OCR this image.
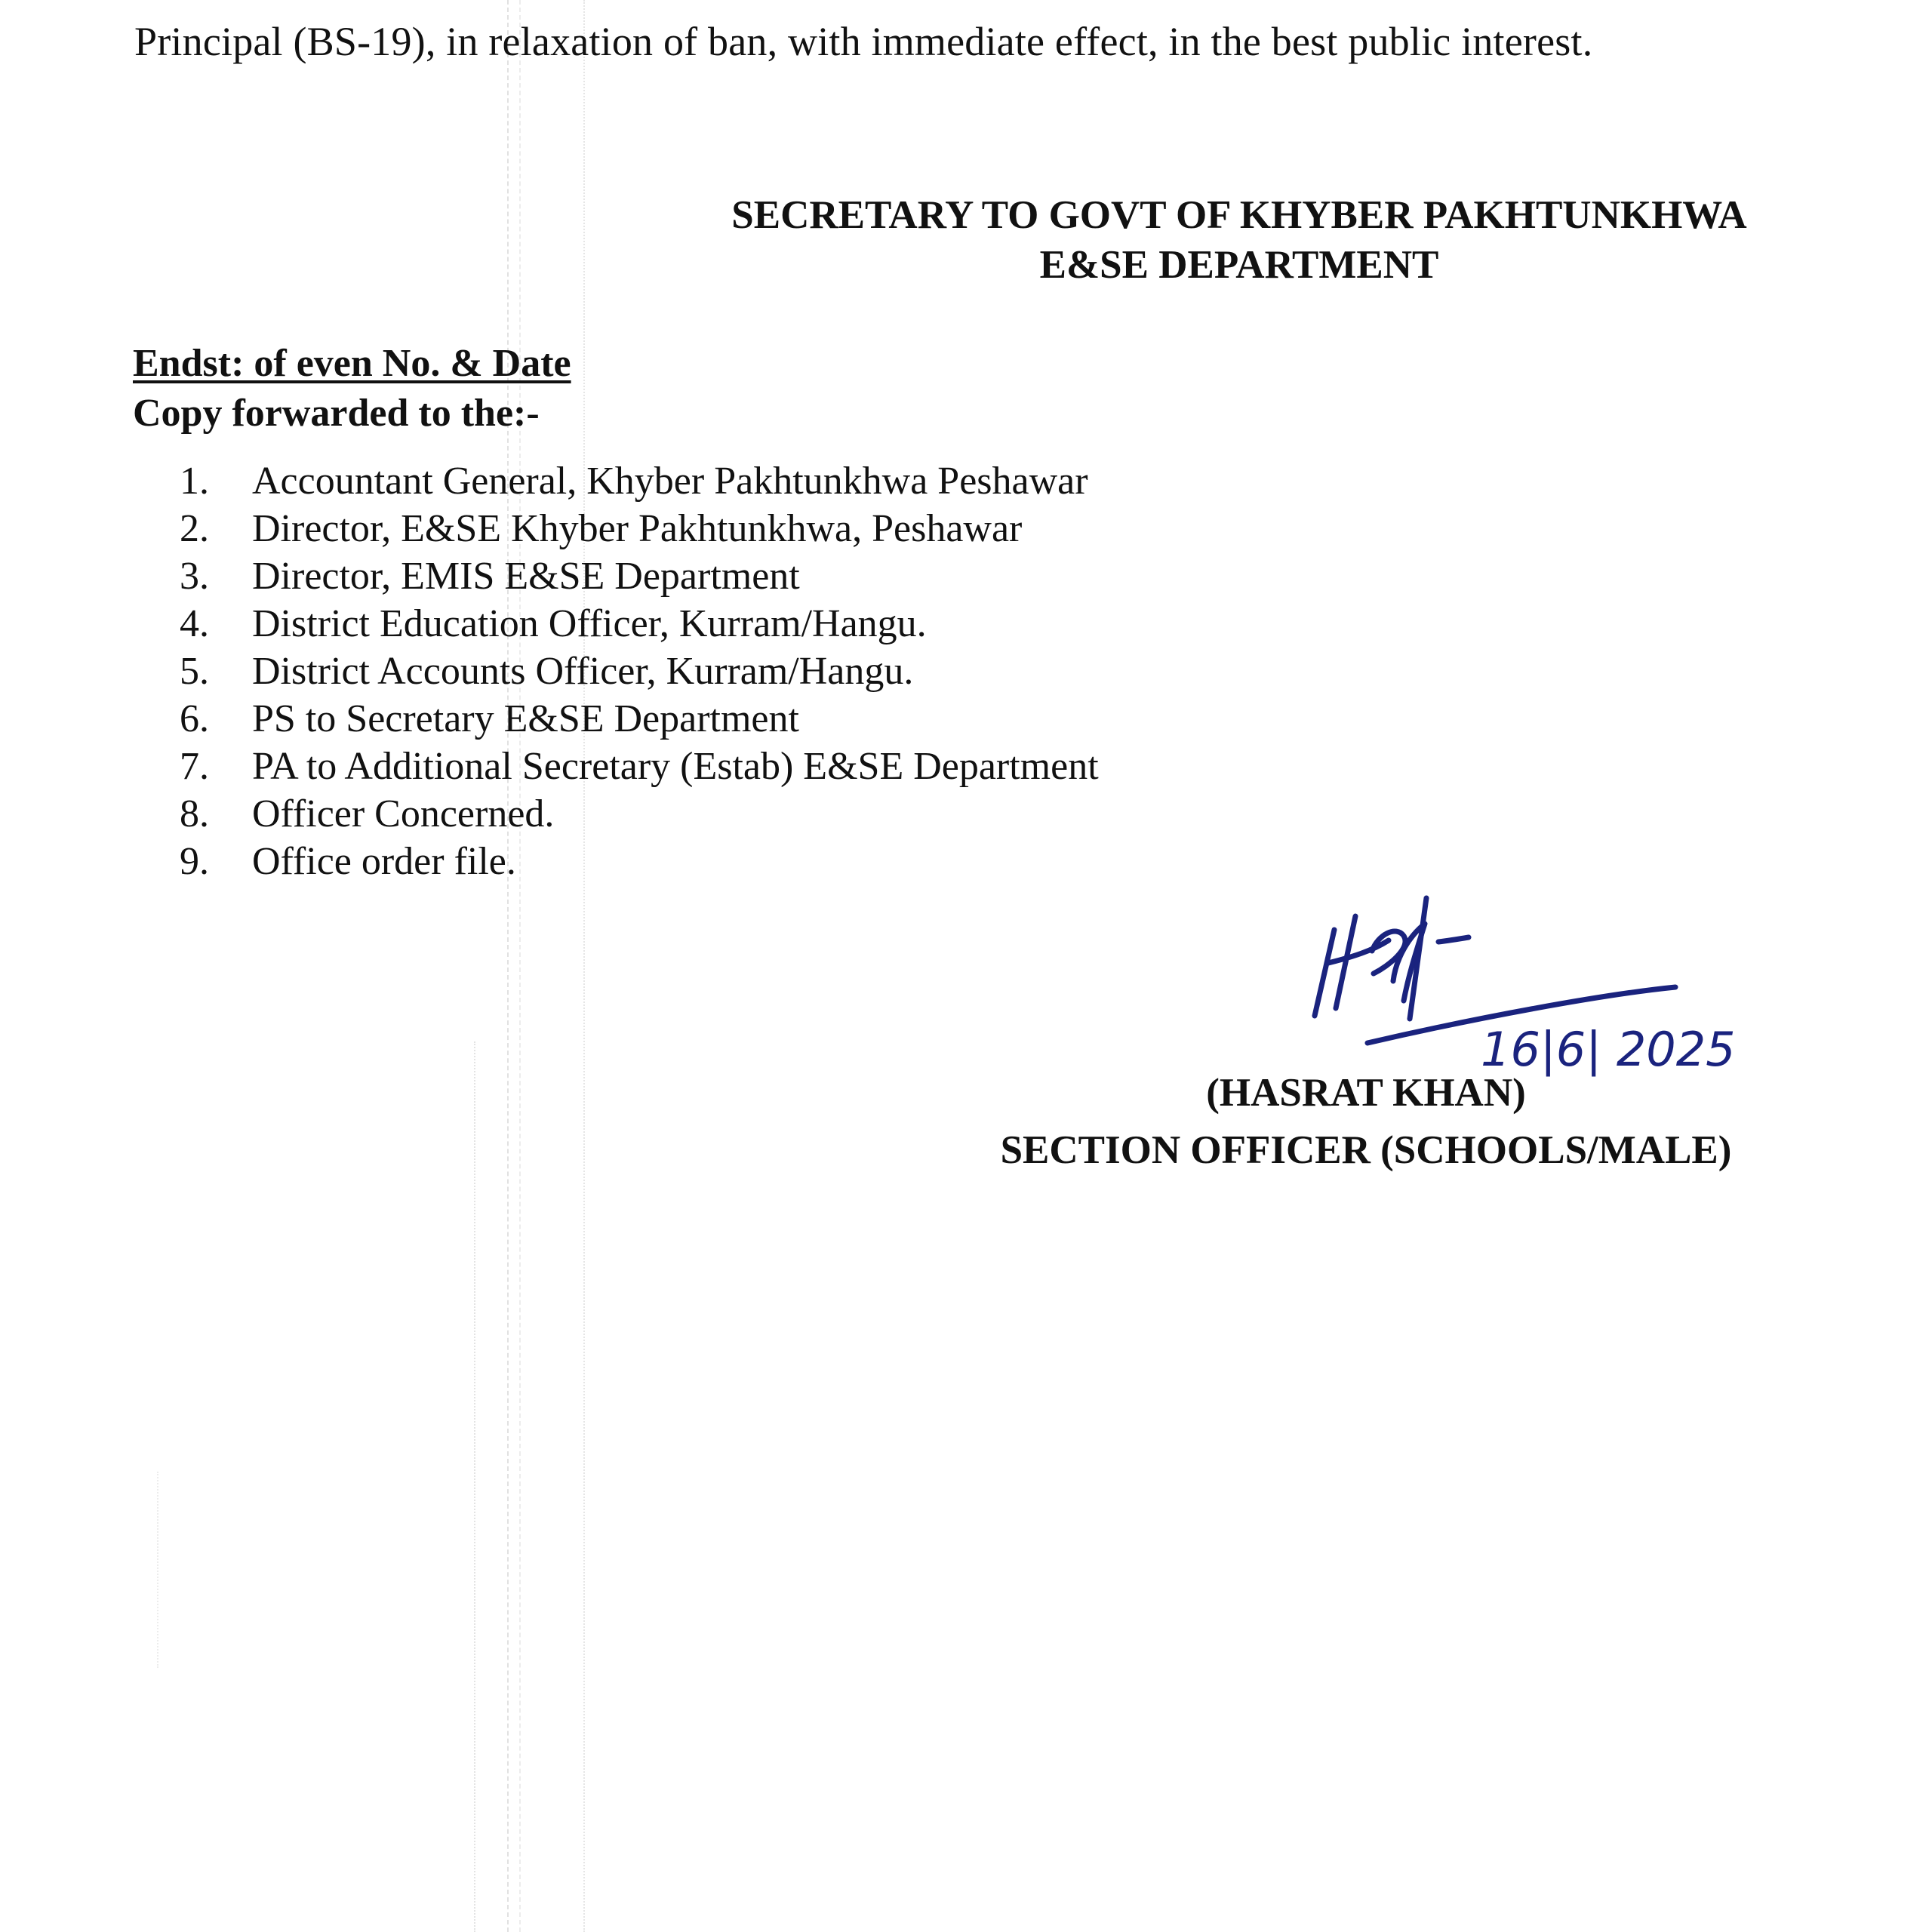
Principal (BS-19), in relaxation of ban, with immediate effect, in the best public interest.
SECRETARY TO GOVT OF KHYBER PAKHTUNKHWA
E&SE DEPARTMENT
Endst: of even No. & Date
Copy forwarded to the:-
1.	Accountant General, Khyber Pakhtunkhwa Peshawar
2.	Director, E&SE Khyber Pakhtunkhwa, Peshawar
3.	Director, EMIS E&SE Department
4.	District Education Officer, Kurram/Hangu.
5.	District Accounts Officer, Kurram/Hangu.
6.	PS to Secretary E&SE Department
7.	PA to Additional Secretary (Estab) E&SE Department
8.	Officer Concerned.
9.	Office order file.
16|6| 2025
(HASRAT KHAN)
SECTION OFFICER (SCHOOLS/MALE)
